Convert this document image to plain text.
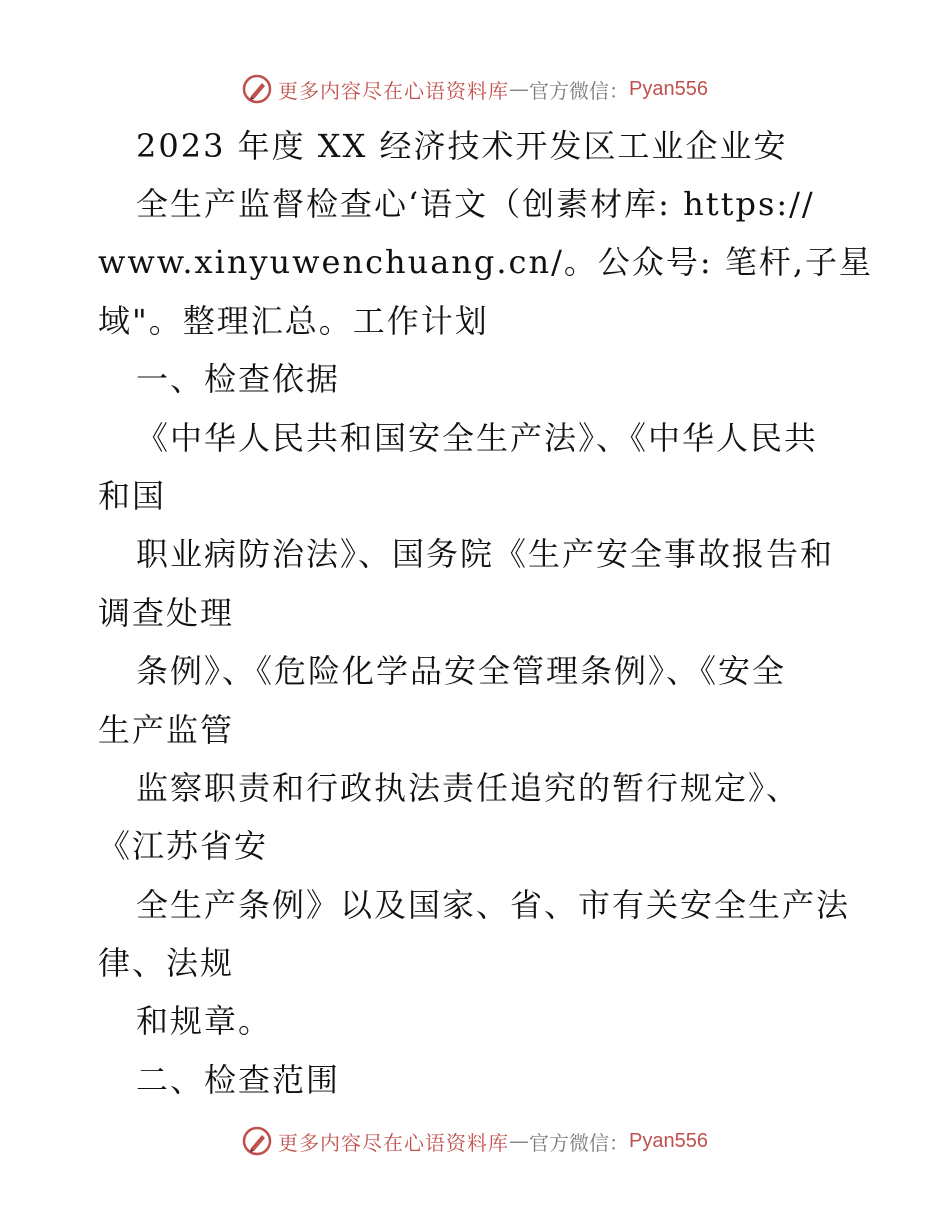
更多内容尽在心语资料库 — 官方微信： Pyan556
2023 年度 XX 经济技术开发区工业企业安
全生产监督检查心‘语文（创素材库: https://
www.xinyuwenchuang.cn/。公众号: 笔杆,子星
域"。整理汇总。工作计划
一、检查依据
《中华人民共和国安全生产法》、《中华人民共
和国
职业病防治法》、国务院《生产安全事故报告和
调查处理
条例》、《危险化学品安全管理条例》、《安全
生产监管
监察职责和行政执法责任追究的暂行规定》、
《江苏省安
全生产条例》以及国家、省、市有关安全生产法
律、法规
和规章。
二、检查范围
更多内容尽在心语资料库 — 官方微信： Pyan556
